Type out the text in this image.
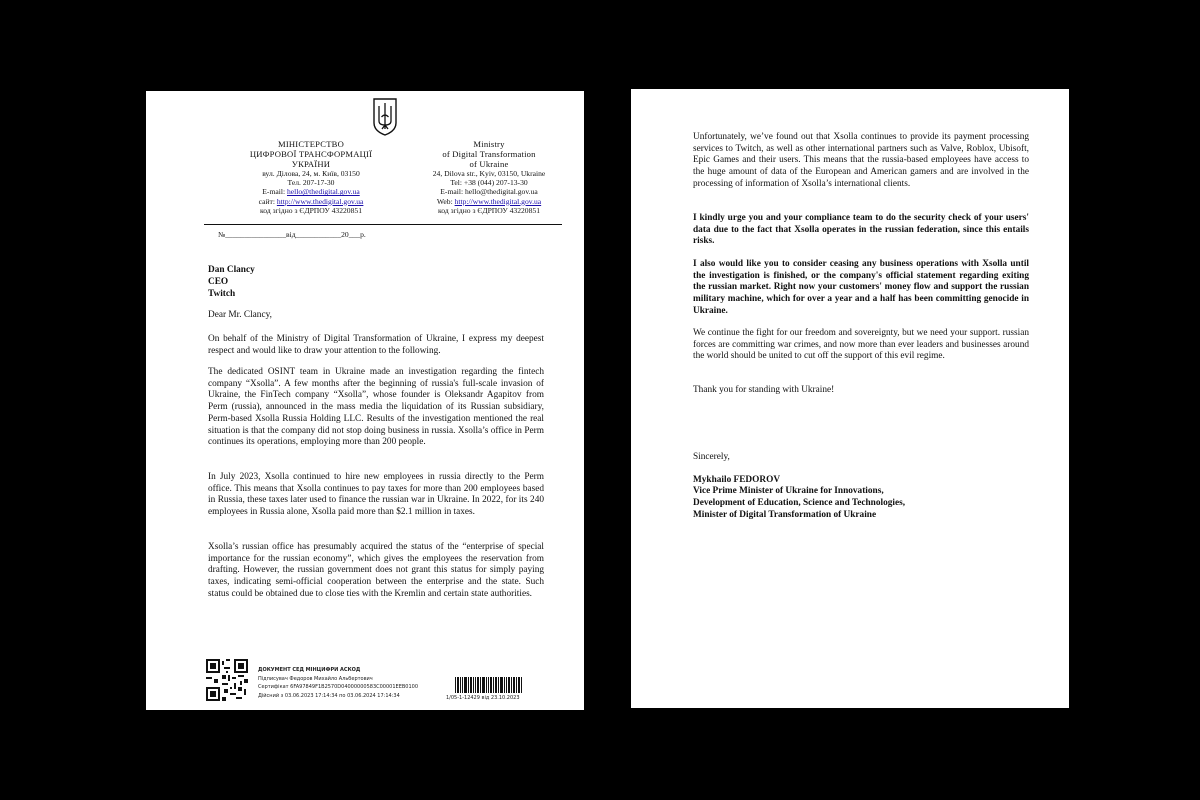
МІНІСТЕРСТВО
ЦИФРОВОЇ ТРАНСФОРМАЦІЇ
УКРАЇНИ
вул. Ділова, 24, м. Київ, 03150
Тел. 207-17-30
E-mail: hello@thedigital.gov.ua
сайт: http://www.thedigital.gov.ua
код згідно з ЄДРПОУ 43220851
Ministry
of Digital Transformation
of Ukraine
24, Dilova str., Kyiv, 03150, Ukraine
Tel: +38 (044) 207-13-30
E-mail: hello@thedigital.gov.ua
Web: http://www.thedigital.gov.ua
код згідно з ЄДРПОУ 43220851
№________________від____________20___р.
Dan Clancy
CEO
Twitch
Dear Mr. Clancy,

On behalf of the Ministry of Digital Transformation of Ukraine, I express my deepest respect and would like to draw your attention to the following.

The dedicated OSINT team in Ukraine made an investigation regarding the fintech company “Xsolla”. A few months after the beginning of russia's full-scale invasion of Ukraine, the FinTech company “Xsolla”, whose founder is Oleksandr Agapitov from Perm (russia), announced in the mass media the liquidation of its Russian subsidiary, Perm-based Xsolla Russia Holding LLC. Results of the investigation mentioned the real situation is that the company did not stop doing business in russia. Xsolla’s office in Perm continues its operations, employing more than 200 people.

In July 2023, Xsolla continued to hire new employees in russia directly to the Perm office. This means that Xsolla continues to pay taxes for more than 200 employees based in Russia, these taxes later used to finance the russian war in Ukraine. In 2022, for its 240 employees in Russia alone, Xsolla paid more than $2.1 million in taxes.

Xsolla’s russian office has presumably acquired the status of the “enterprise of special importance for the russian economy”, which gives the employees the reservation from drafting. However, the russian government does not grant this status for simply paying taxes, indicating semi-official cooperation between the enterprise and the state. Such status could be obtained due to close ties with the Kremlin and certain state authorities.

ДОКУМЕНТ СЕД МІНЦИФРИ АСКОД
Підписувач Федоров Михайло Альбертович
Сертифікат 6FA97849F1B2570D04000000583C00001EEB0100
Дійсний з 03.06.2023 17:14:34 по 03.06.2024 17:14:34	1/05-1-12429 від 23.10.2023

Unfortunately, we’ve found out that Xsolla continues to provide its payment processing services to Twitch, as well as other international partners such as Valve, Roblox, Ubisoft, Epic Games and their users. This means that the russia-based employees have access to the huge amount of data of the European and American gamers and are involved in the processing of information of Xsolla’s international clients.

I kindly urge you and your compliance team to do the security check of your users' data due to the fact that Xsolla operates in the russian federation, since this entails risks.

I also would like you to consider ceasing any business operations with Xsolla until the investigation is finished, or the company's official statement regarding exiting the russian market. Right now your customers' money flow and support the russian military machine, which for over a year and a half has been committing genocide in Ukraine.

We continue the fight for our freedom and sovereignty, but we need your support. russian forces are committing war crimes, and now more than ever leaders and businesses around the world should be united to cut off the support of this evil regime.

Thank you for standing with Ukraine!

Sincerely,
Mykhailo FEDOROV
Vice Prime Minister of Ukraine for Innovations,
Development of Education, Science and Technologies,
Minister of Digital Transformation of Ukraine
